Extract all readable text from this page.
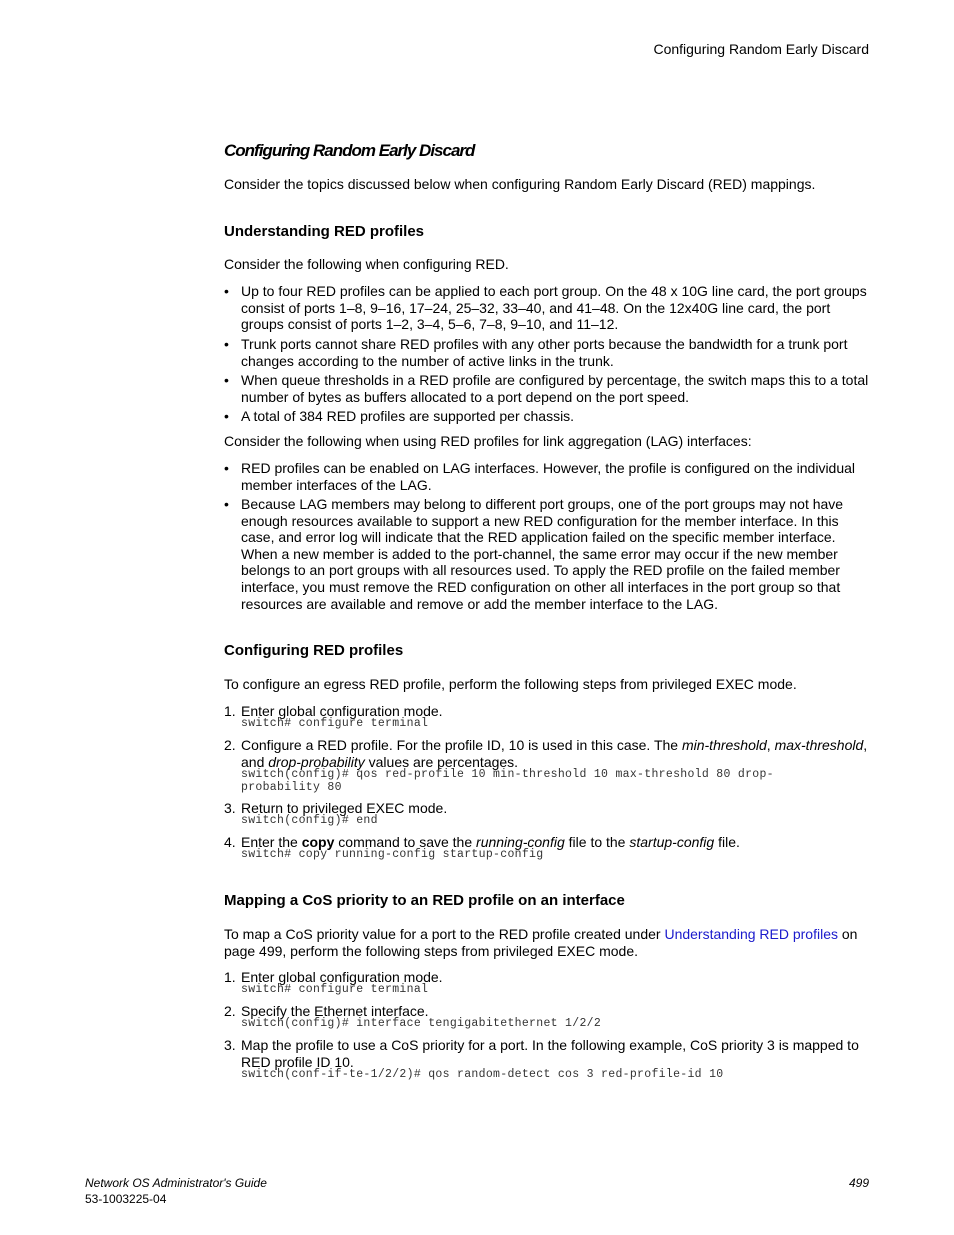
Configuring Random Early Discard
Configuring Random Early Discard
Consider the topics discussed below when configuring Random Early Discard (RED) mappings.
Understanding RED profiles
Consider the following when configuring RED.
• Up to four RED profiles can be applied to each port group. On the 48 x 10G line card, the port groups consist of ports 1–8, 9–16, 17–24, 25–32, 33–40, and 41–48. On the 12x40G line card, the port groups consist of ports 1–2, 3–4, 5–6, 7–8, 9–10, and 11–12.
• Trunk ports cannot share RED profiles with any other ports because the bandwidth for a trunk port changes according to the number of active links in the trunk.
• When queue thresholds in a RED profile are configured by percentage, the switch maps this to a total number of bytes as buffers allocated to a port depend on the port speed.
• A total of 384 RED profiles are supported per chassis.
Consider the following when using RED profiles for link aggregation (LAG) interfaces:
• RED profiles can be enabled on LAG interfaces. However, the profile is configured on the individual member interfaces of the LAG.
• Because LAG members may belong to different port groups, one of the port groups may not have enough resources available to support a new RED configuration for the member interface. In this case, and error log will indicate that the RED application failed on the specific member interface. When a new member is added to the port-channel, the same error may occur if the new member belongs to an port groups with all resources used. To apply the RED profile on the failed member interface, you must remove the RED configuration on other all interfaces in the port group so that resources are available and remove or add the member interface to the LAG.
Configuring RED profiles
To configure an egress RED profile, perform the following steps from privileged EXEC mode.
1. Enter global configuration mode.
switch# configure terminal
2. Configure a RED profile. For the profile ID, 10 is used in this case. The min-threshold, max-threshold, and drop-probability values are percentages.
switch(config)# qos red-profile 10 min-threshold 10 max-threshold 80 drop-probability 80
3. Return to privileged EXEC mode.
switch(config)# end
4. Enter the copy command to save the running-config file to the startup-config file.
switch# copy running-config startup-config
Mapping a CoS priority to an RED profile on an interface
To map a CoS priority value for a port to the RED profile created under Understanding RED profiles on page 499, perform the following steps from privileged EXEC mode.
1. Enter global configuration mode.
switch# configure terminal
2. Specify the Ethernet interface.
switch(config)# interface tengigabitethernet 1/2/2
3. Map the profile to use a CoS priority for a port. In the following example, CoS priority 3 is mapped to RED profile ID 10.
switch(conf-if-te-1/2/2)# qos random-detect cos 3 red-profile-id 10
Network OS Administrator's Guide
53-1003225-04
499
